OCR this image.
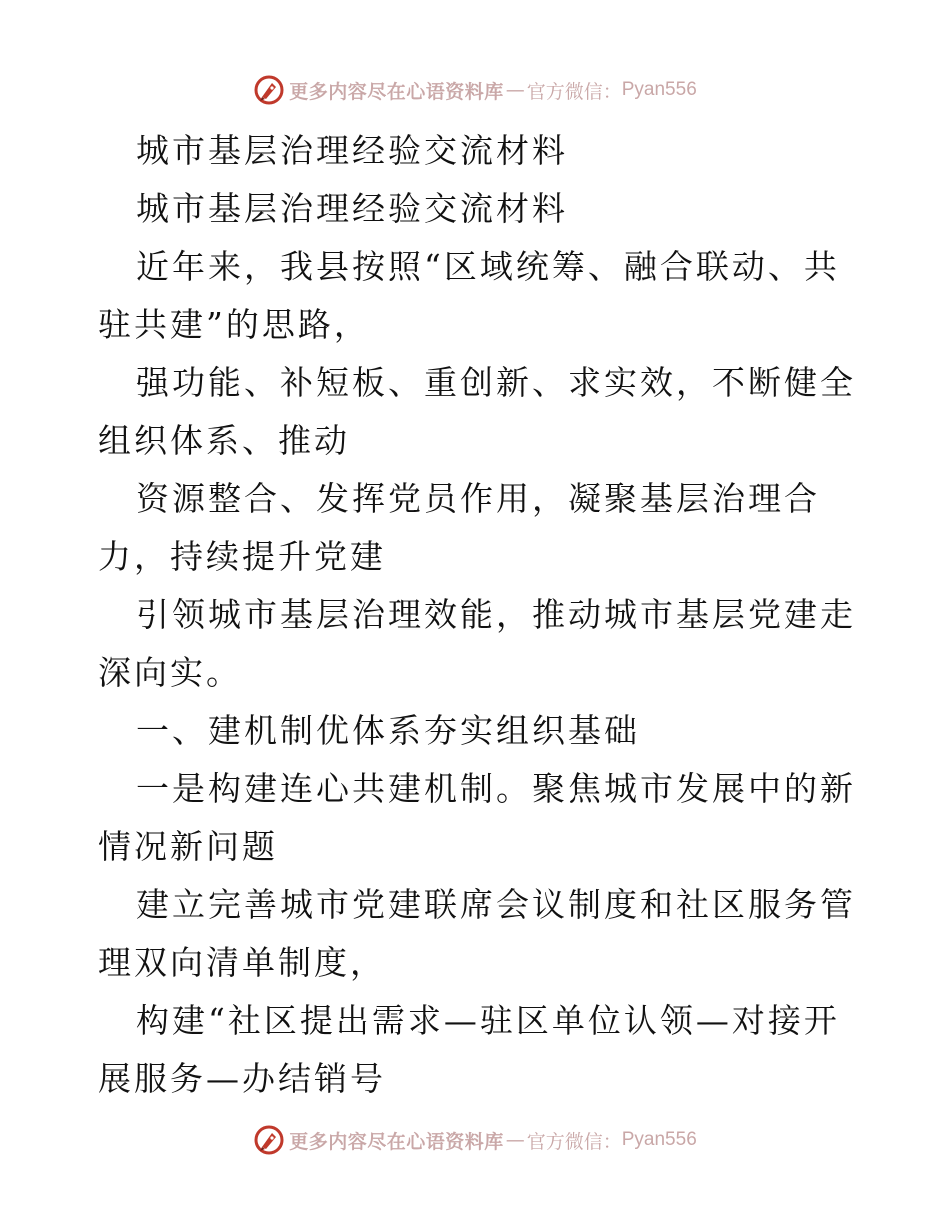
更多内容尽在心语资料库 — 官方微信： Pyan556

城市基层治理经验交流材料

城市基层治理经验交流材料

近年来，我县按照“区域统筹、融合联动、共驻共建”的思路，

强功能、补短板、重创新、求实效，不断健全组织体系、推动

资源整合、发挥党员作用，凝聚基层治理合力，持续提升党建

引领城市基层治理效能，推动城市基层党建走深向实。

一、建机制优体系夯实组织基础

一是构建连心共建机制。聚焦城市发展中的新情况新问题

建立完善城市党建联席会议制度和社区服务管理双向清单制度，

构建“社区提出需求—驻区单位认领—对接开展服务—办结销号

更多内容尽在心语资料库 — 官方微信： Pyan556
